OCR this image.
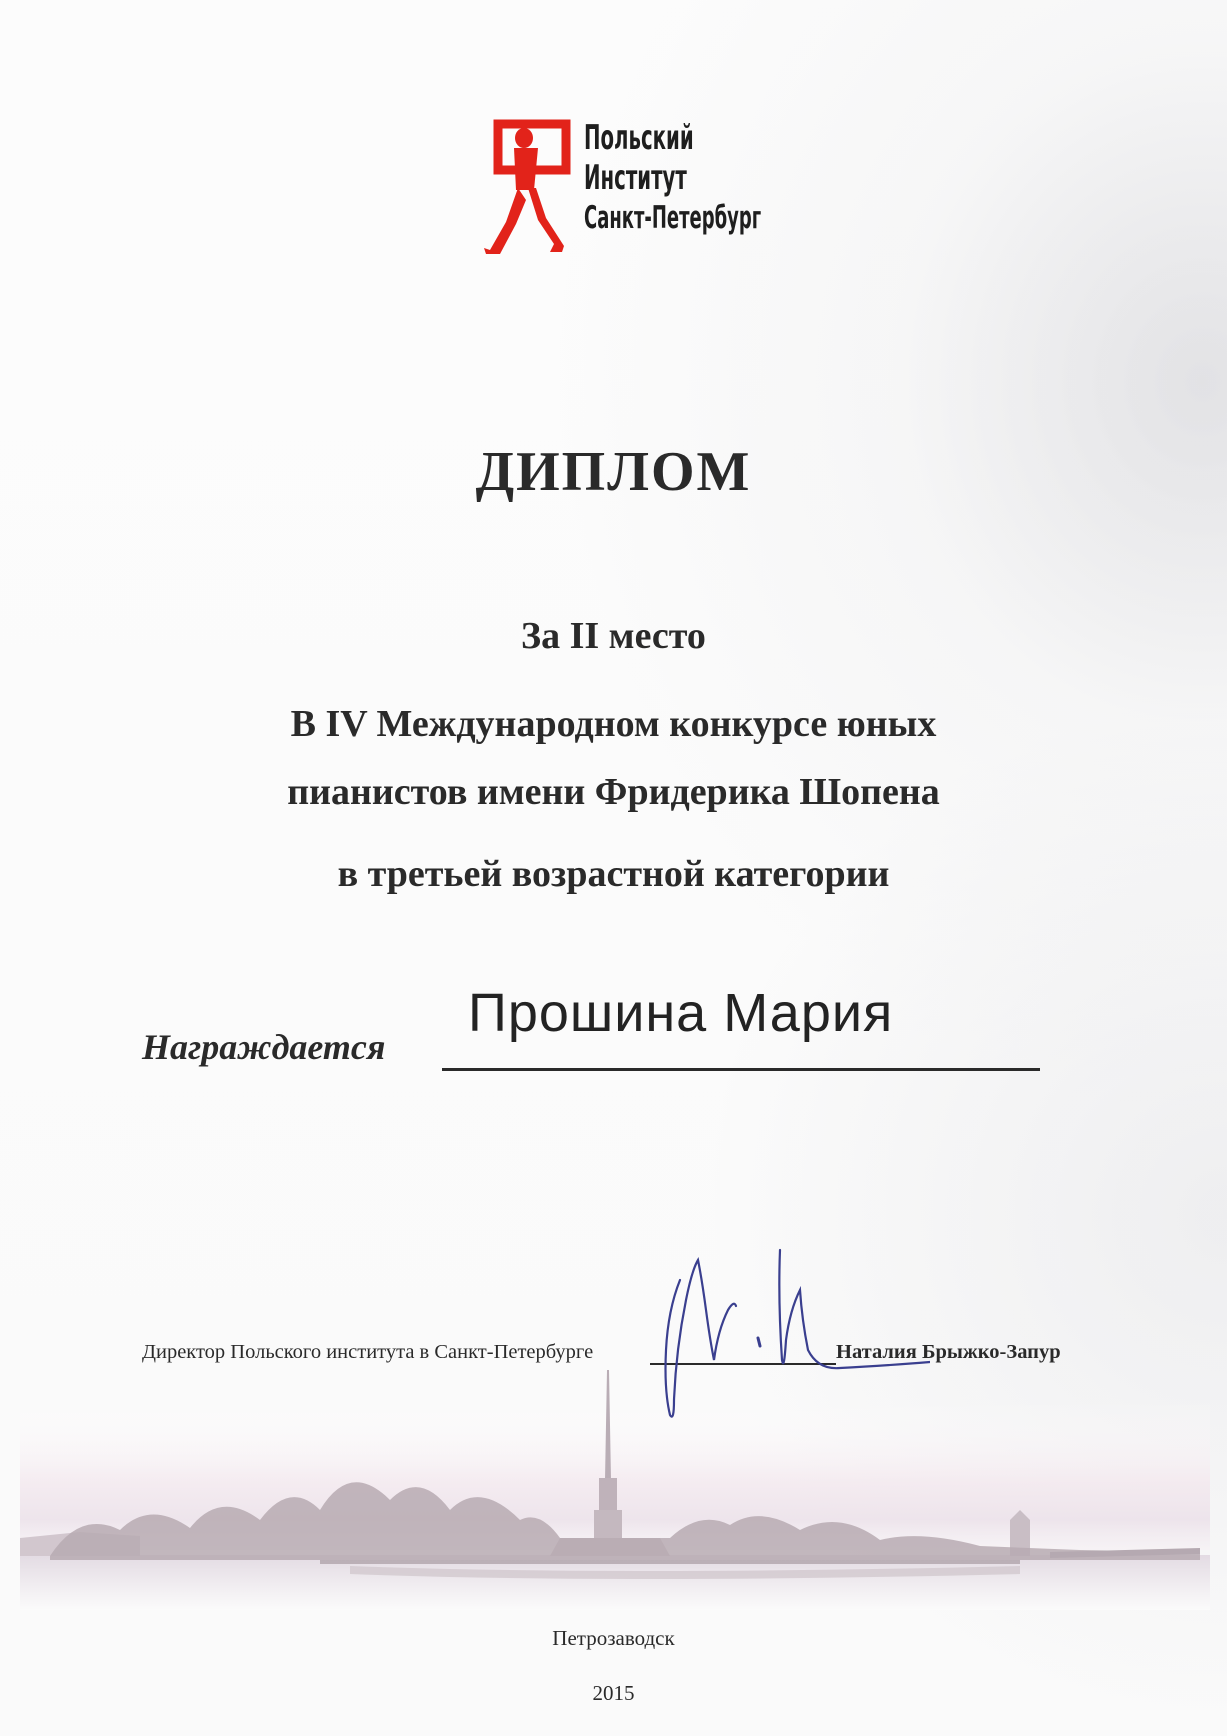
Польский
Институт
Санкт-Петербург
ДИПЛОМ
За II место
В IV Международном конкурсе юных
пианистов имени Фридерика Шопена
в третьей возрастной категории
Награждается
Прошина Мария
Директор Польского института в Санкт-Петербурге	Наталия Брыжко-Запур
Петрозаводск
2015
